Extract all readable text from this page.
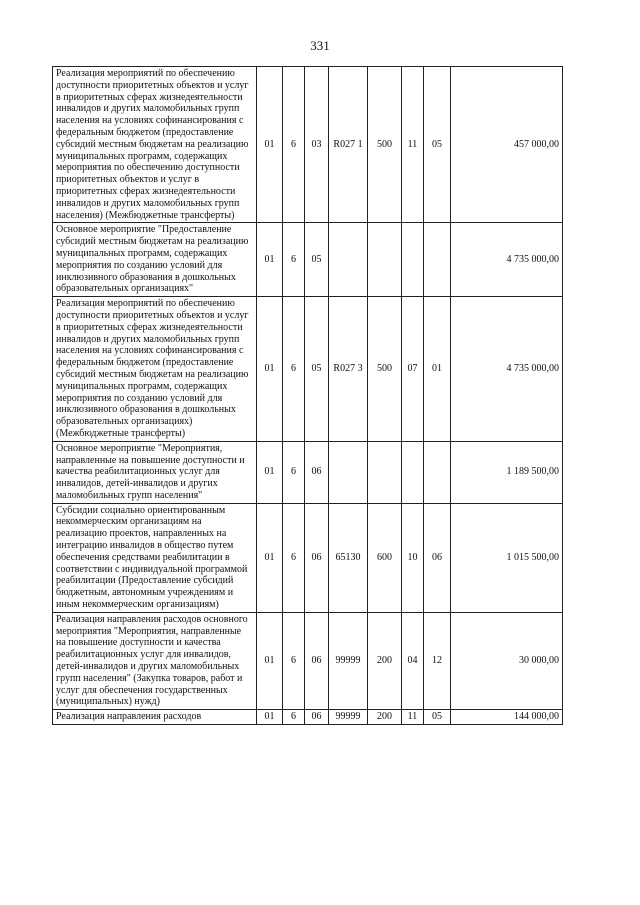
331
Реализация мероприятий по обеспечению доступности приоритетных объектов и услуг в приоритетных сферах жизнедеятельности инвалидов и других маломобильных групп населения на условиях софинансирования с федеральным бюджетом (предоставление субсидий местным бюджетам на реализацию муниципальных программ, содержащих мероприятия по обеспечению доступности приоритетных объектов и услуг в приоритетных сферах жизнедеятельности инвалидов и других маломобильных групп населения) (Межбюджетные трансферты)	01	6	03	R027 1	500	11	05	457 000,00
Основное мероприятие "Предоставление субсидий местным бюджетам на реализацию муниципальных программ, содержащих мероприятия по созданию условий для инклюзивного образования в дошкольных образовательных организациях"	01	6	05					4 735 000,00
Реализация мероприятий по обеспечению доступности приоритетных объектов и услуг в приоритетных сферах жизнедеятельности инвалидов и других маломобильных групп населения на условиях софинансирования с федеральным бюджетом (предоставление субсидий местным бюджетам на реализацию муниципальных программ, содержащих мероприятия по созданию условий для инклюзивного образования в дошкольных образовательных организациях) (Межбюджетные трансферты)	01	6	05	R027 3	500	07	01	4 735 000,00
Основное мероприятие "Мероприятия, направленные на повышение доступности и качества реабилитационных услуг для инвалидов, детей-инвалидов и других маломобильных групп населения"	01	6	06					1 189 500,00
Субсидии социально ориентированным некоммерческим организациям на реализацию проектов, направленных на интеграцию инвалидов в общество путем обеспечения средствами реабилитации в соответствии с индивидуальной программой реабилитации (Предоставление субсидий бюджетным, автономным учреждениям и иным некоммерческим организациям)	01	6	06	65130	600	10	06	1 015 500,00
Реализация направления расходов основного мероприятия "Мероприятия, направленные на повышение доступности и качества реабилитационных услуг для инвалидов, детей-инвалидов и других маломобильных групп населения" (Закупка товаров, работ и услуг для обеспечения государственных (муниципальных) нужд)	01	6	06	99999	200	04	12	30 000,00
Реализация направления расходов	01	6	06	99999	200	11	05	144 000,00
